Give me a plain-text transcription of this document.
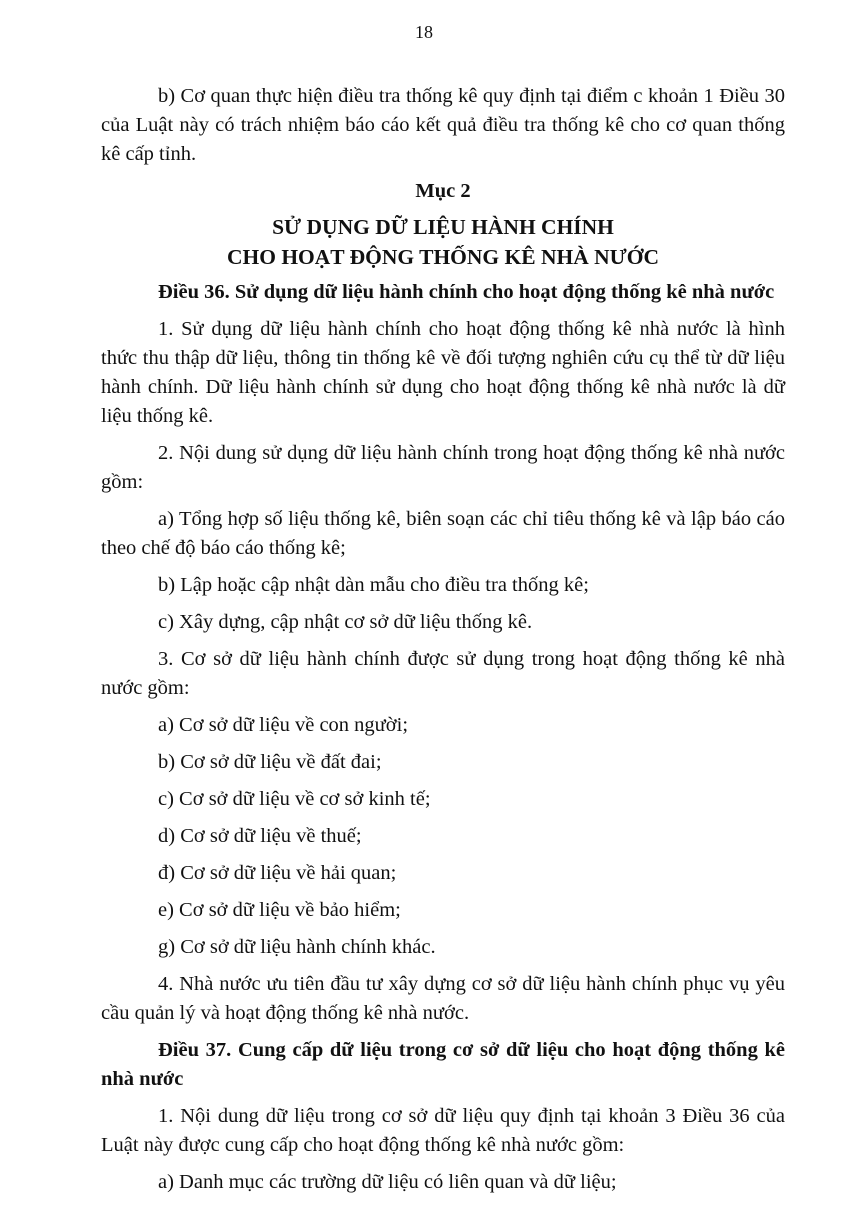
18

b) Cơ quan thực hiện điều tra thống kê quy định tại điểm c khoản 1 Điều 30 của Luật này có trách nhiệm báo cáo kết quả điều tra thống kê cho cơ quan thống kê cấp tỉnh.

Mục 2

SỬ DỤNG DỮ LIỆU HÀNH CHÍNH

CHO HOẠT ĐỘNG THỐNG KÊ NHÀ NƯỚC

Điều 36. Sử dụng dữ liệu hành chính cho hoạt động thống kê nhà nước

1. Sử dụng dữ liệu hành chính cho hoạt động thống kê nhà nước là hình thức thu thập dữ liệu, thông tin thống kê về đối tượng nghiên cứu cụ thể từ dữ liệu hành chính. Dữ liệu hành chính sử dụng cho hoạt động thống kê nhà nước là dữ liệu thống kê.

2. Nội dung sử dụng dữ liệu hành chính trong hoạt động thống kê nhà nước gồm:

a) Tổng hợp số liệu thống kê, biên soạn các chỉ tiêu thống kê và lập báo cáo theo chế độ báo cáo thống kê;

b) Lập hoặc cập nhật dàn mẫu cho điều tra thống kê;

c) Xây dựng, cập nhật cơ sở dữ liệu thống kê.

3. Cơ sở dữ liệu hành chính được sử dụng trong hoạt động thống kê nhà nước gồm:

a) Cơ sở dữ liệu về con người;

b) Cơ sở dữ liệu về đất đai;

c) Cơ sở dữ liệu về cơ sở kinh tế;

d) Cơ sở dữ liệu về thuế;

đ) Cơ sở dữ liệu về hải quan;

e) Cơ sở dữ liệu về bảo hiểm;

g) Cơ sở dữ liệu hành chính khác.

4. Nhà nước ưu tiên đầu tư xây dựng cơ sở dữ liệu hành chính phục vụ yêu cầu quản lý và hoạt động thống kê nhà nước.

Điều 37. Cung cấp dữ liệu trong cơ sở dữ liệu cho hoạt động thống kê nhà nước

1. Nội dung dữ liệu trong cơ sở dữ liệu quy định tại khoản 3 Điều 36 của Luật này được cung cấp cho hoạt động thống kê nhà nước gồm:

a) Danh mục các trường dữ liệu có liên quan và dữ liệu;
